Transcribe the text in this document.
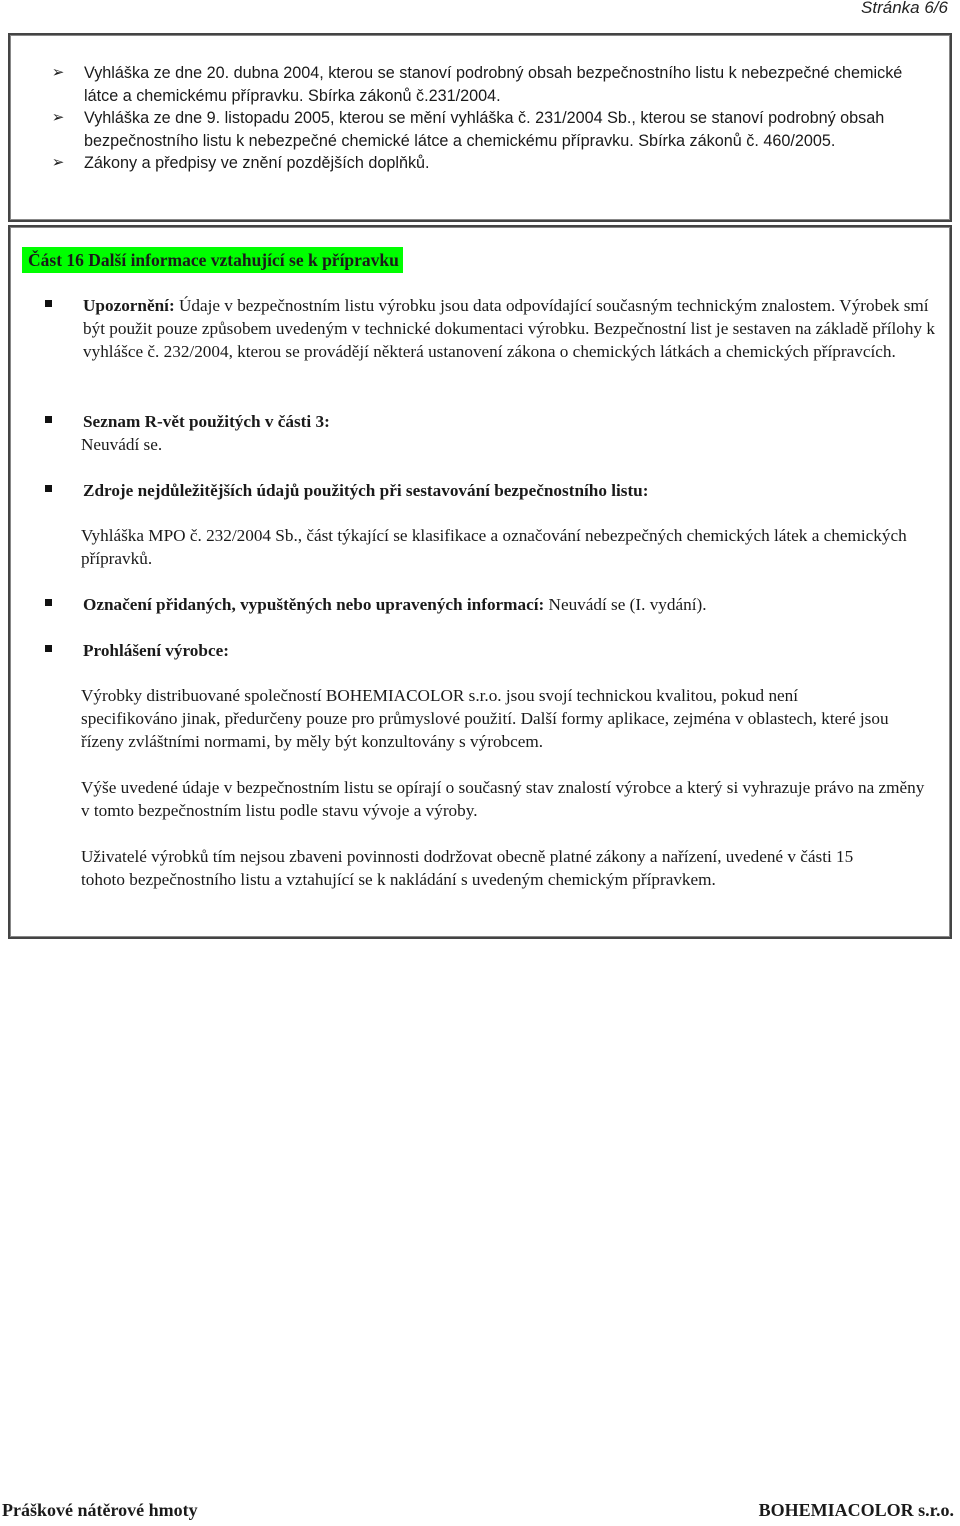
Stránka 6/6
➢ Vyhláška ze dne 20. dubna 2004, kterou se stanoví podrobný obsah bezpečnostního listu k nebezpečné chemické látce a chemickému přípravku. Sbírka zákonů č.231/2004.
➢ Vyhláška ze dne 9. listopadu 2005, kterou se mění vyhláška č. 231/2004 Sb., kterou se stanoví podrobný obsah bezpečnostního listu k nebezpečné chemické látce a chemickému přípravku. Sbírka zákonů č. 460/2005.
➢ Zákony a předpisy ve znění pozdějších doplňků.
Část 16 Další informace vztahující se k přípravku
Upozornění: Údaje v bezpečnostním listu výrobku jsou data odpovídající současným technickým znalostem. Výrobek smí být použit pouze způsobem uvedeným v technické dokumentaci výrobku. Bezpečnostní list je sestaven na základě přílohy k vyhlášce č. 232/2004, kterou se provádějí některá ustanovení zákona o chemických látkách a chemických přípravcích.
Seznam R-vět použitých v části 3:
Neuvádí se.
Zdroje nejdůležitějších údajů použitých při sestavování bezpečnostního listu:
Vyhláška MPO č. 232/2004 Sb., část týkající se klasifikace a označování nebezpečných chemických látek a chemických přípravků.
Označení přidaných, vypuštěných nebo upravených informací: Neuvádí se (I. vydání).
Prohlášení výrobce:
Výrobky distribuované společností BOHEMIACOLOR s.r.o. jsou svojí technickou kvalitou, pokud není specifikováno jinak, předurčeny pouze pro průmyslové použití. Další formy aplikace, zejména v oblastech, které jsou řízeny zvláštními normami, by měly být konzultovány s výrobcem.
Výše uvedené údaje v bezpečnostním listu se opírají o současný stav znalostí výrobce a který si vyhrazuje právo na změny v tomto bezpečnostním listu podle stavu vývoje a výroby.
Uživatelé výrobků tím nejsou zbaveni povinnosti dodržovat obecně platné zákony a nařízení, uvedené v části 15 tohoto bezpečnostního listu a vztahující se k nakládání s uvedeným chemickým přípravkem.
Práškové nátěrové hmoty	BOHEMIACOLOR s.r.o.
